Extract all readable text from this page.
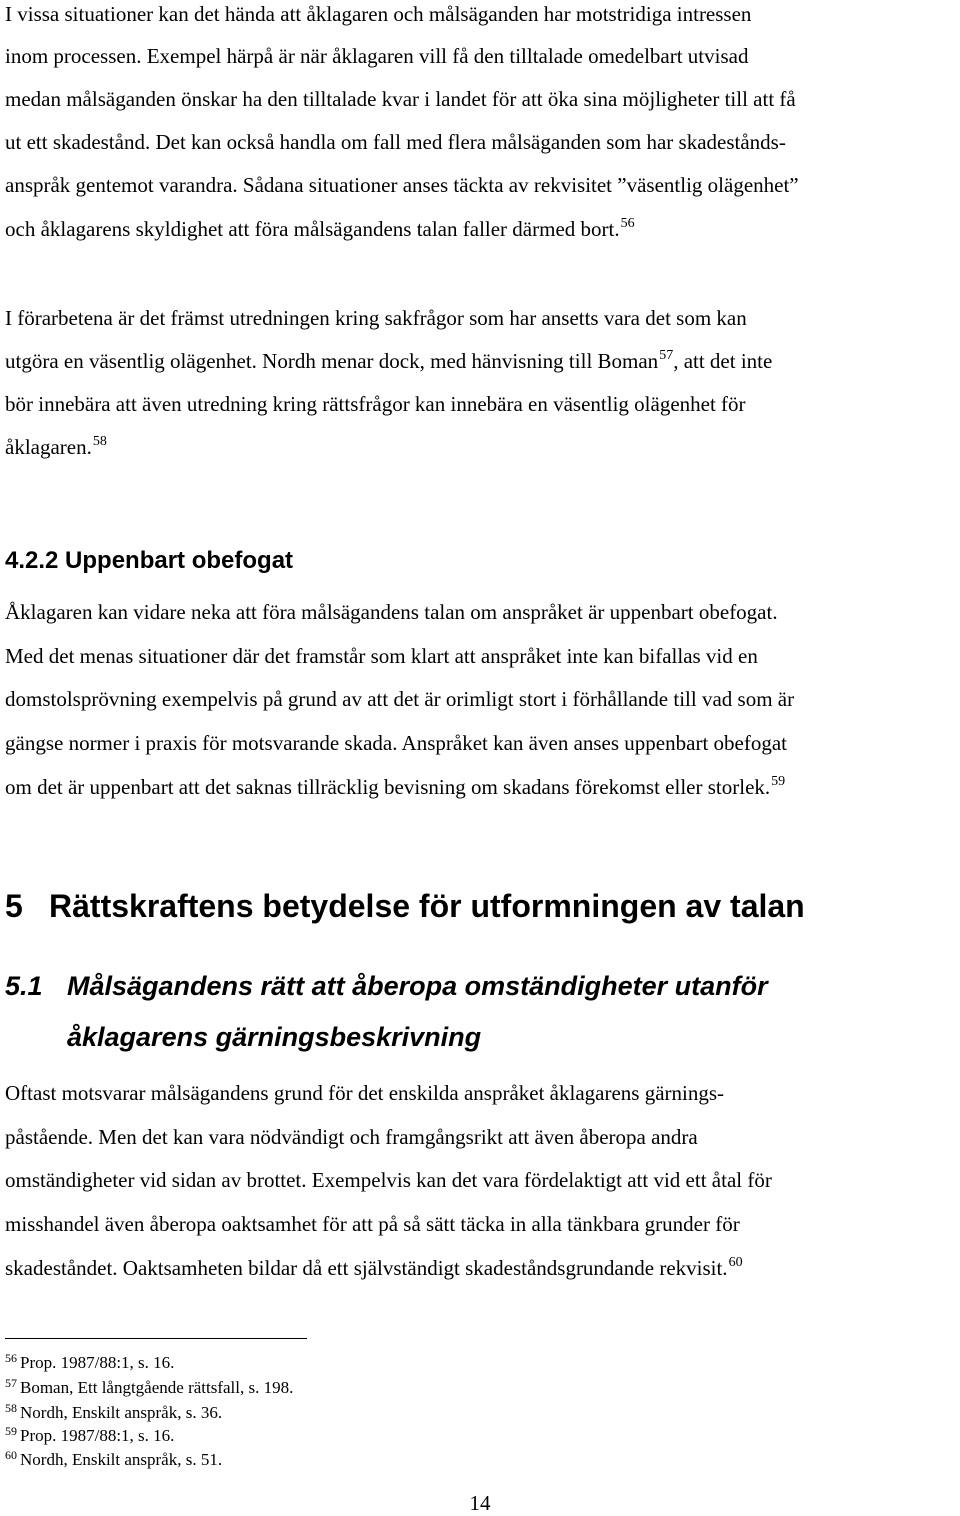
I vissa situationer kan det hända att åklagaren och målsäganden har motstridiga intressen
inom processen. Exempel härpå är när åklagaren vill få den tilltalade omedelbart utvisad
medan målsäganden önskar ha den tilltalade kvar i landet för att öka sina möjligheter till att få
ut ett skadestånd. Det kan också handla om fall med flera målsäganden som har skadestånds-
anspråk gentemot varandra. Sådana situationer anses täckta av rekvisitet ”väsentlig olägenhet”
och åklagarens skyldighet att föra målsägandens talan faller därmed bort.$^{56}$
I förarbetena är det främst utredningen kring sakfrågor som har ansetts vara det som kan
utgöra en väsentlig olägenhet. Nordh menar dock, med hänvisning till Boman$^{57}$, att det inte
bör innebära att även utredning kring rättsfrågor kan innebära en väsentlig olägenhet för
åklagaren.$^{58}$
4.2.2 Uppenbart obefogat
Åklagaren kan vidare neka att föra målsägandens talan om anspråket är uppenbart obefogat.
Med det menas situationer där det framstår som klart att anspråket inte kan bifallas vid en
domstolsprövning exempelvis på grund av att det är orimligt stort i förhållande till vad som är
gängse normer i praxis för motsvarande skada. Anspråket kan även anses uppenbart obefogat
om det är uppenbart att det saknas tillräcklig bevisning om skadans förekomst eller storlek.$^{59}$
5 Rättskraftens betydelse för utformningen av talan
5.1 Målsägandens rätt att åberopa omständigheter utanför
åklagarens gärningsbeskrivning
Oftast motsvarar målsägandens grund för det enskilda anspråket åklagarens gärnings-
påstående. Men det kan vara nödvändigt och framgångsrikt att även åberopa andra
omständigheter vid sidan av brottet. Exempelvis kan det vara fördelaktigt att vid ett åtal för
misshandel även åberopa oaktsamhet för att på så sätt täcka in alla tänkbara grunder för
skadeståndet. Oaktsamheten bildar då ett självständigt skadeståndsgrundande rekvisit.$^{60}$
$^{56}$ Prop. 1987/88:1, s. 16.
$^{57}$ Boman, Ett långtgående rättsfall, s. 198.
$^{58}$ Nordh, Enskilt anspråk, s. 36.
$^{59}$ Prop. 1987/88:1, s. 16.
$^{60}$ Nordh, Enskilt anspråk, s. 51.
14
